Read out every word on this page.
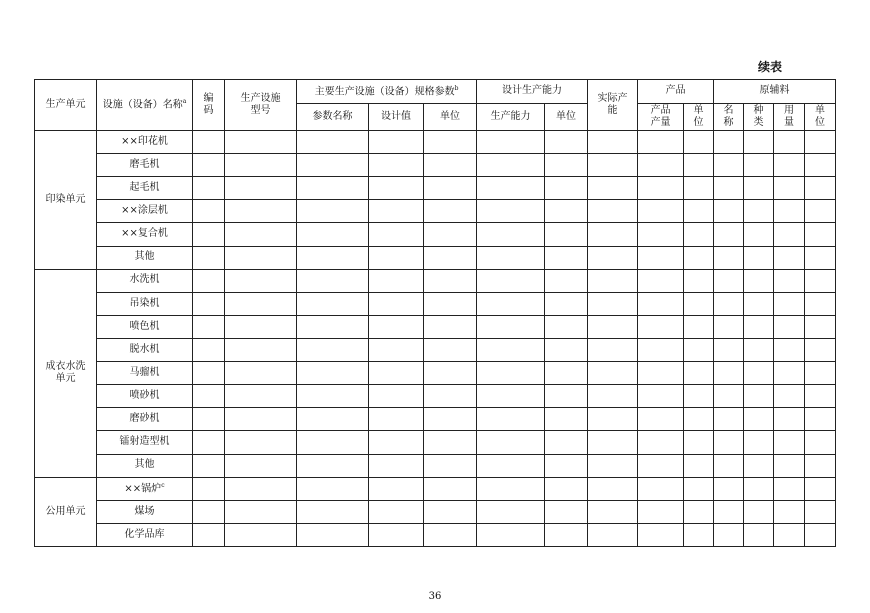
续表
生产单元	设施（设备）名称$^a$	编码	生产设施型号	主要生产设施（设备）规格参数$^b$			设计生产能力		实际产能	产品		原辅料			
				参数名称	设计值	单位	生产能力	单位		产品产量	单位	名称	种类	用量	单位

印染单元	××印花机														
	磨毛机														
	起毛机														
	××涂层机														
	××复合机														
	其他														

成衣水洗单元	水洗机														
	吊染机														
	喷色机														
	脱水机														
	马骝机														
	喷砂机														
	磨砂机														
	镭射造型机														
	其他														

公用单元	××锅炉$^c$														
	煤场														
	化学品库														
36
